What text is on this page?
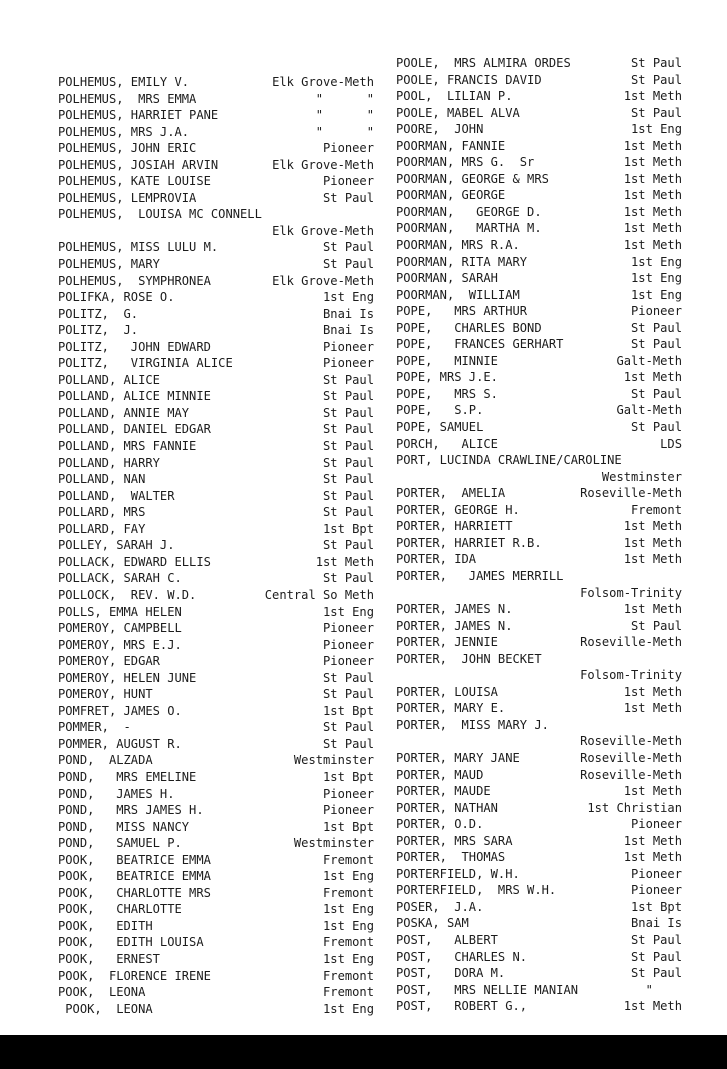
POLHEMUS, EMILY V.	Elk Grove-Meth
POLHEMUS,  MRS EMMA	"      "
POLHEMUS, HARRIET PANE	"      "
POLHEMUS, MRS J.A.	"      "
POLHEMUS, JOHN ERIC	Pioneer
POLHEMUS, JOSIAH ARVIN	Elk Grove-Meth
POLHEMUS, KATE LOUISE	Pioneer
POLHEMUS, LEMPROVIA	St Paul
POLHEMUS,  LOUISA MC CONNELL
Elk Grove-Meth
POLHEMUS, MISS LULU M.	St Paul
POLHEMUS, MARY	St Paul
POLHEMUS,  SYMPHRONEA	Elk Grove-Meth
POLIFKA, ROSE O.	1st Eng
POLITZ,  G.	Bnai Is
POLITZ,  J.	Bnai Is
POLITZ,   JOHN EDWARD	Pioneer
POLITZ,   VIRGINIA ALICE	Pioneer
POLLAND, ALICE	St Paul
POLLAND, ALICE MINNIE	St Paul
POLLAND, ANNIE MAY	St Paul
POLLAND, DANIEL EDGAR	St Paul
POLLAND, MRS FANNIE	St Paul
POLLAND, HARRY	St Paul
POLLAND, NAN	St Paul
POLLAND,  WALTER	St Paul
POLLARD, MRS	St Paul
POLLARD, FAY	1st Bpt
POLLEY, SARAH J.	St Paul
POLLACK, EDWARD ELLIS	1st Meth
POLLACK, SARAH C.	St Paul
POLLOCK,  REV. W.D.	Central So Meth
POLLS, EMMA HELEN	1st Eng
POMEROY, CAMPBELL	Pioneer
POMEROY, MRS E.J.	Pioneer
POMEROY, EDGAR	Pioneer
POMEROY, HELEN JUNE	St Paul
POMEROY, HUNT	St Paul
POMFRET, JAMES O.	1st Bpt
POMMER,  -	St Paul
POMMER, AUGUST R.	St Paul
POND,  ALZADA	Westminster
POND,   MRS EMELINE	1st Bpt
POND,   JAMES H.	Pioneer
POND,   MRS JAMES H.	Pioneer
POND,   MISS NANCY	1st Bpt
POND,   SAMUEL P.	Westminster
POOK,   BEATRICE EMMA	Fremont
POOK,   BEATRICE EMMA	1st Eng
POOK,   CHARLOTTE MRS	Fremont
POOK,   CHARLOTTE	1st Eng
POOK,   EDITH	1st Eng
POOK,   EDITH LOUISA	Fremont
POOK,   ERNEST	1st Eng
POOK,  FLORENCE IRENE	Fremont
POOK,  LEONA	Fremont
POOK,  LEONA	1st Eng
POOLE,  MRS ALMIRA ORDES	St Paul
POOLE, FRANCIS DAVID	St Paul
POOL,  LILIAN P.	1st Meth
POOLE, MABEL ALVA	St Paul
POORE,  JOHN	1st Eng
POORMAN, FANNIE	1st Meth
POORMAN, MRS G.  Sr	1st Meth
POORMAN, GEORGE & MRS	1st Meth
POORMAN, GEORGE	1st Meth
POORMAN,   GEORGE D.	1st Meth
POORMAN,   MARTHA M.	1st Meth
POORMAN, MRS R.A.	1st Meth
POORMAN, RITA MARY	1st Eng
POORMAN, SARAH	1st Eng
POORMAN,  WILLIAM	1st Eng
POPE,   MRS ARTHUR	Pioneer
POPE,   CHARLES BOND	St Paul
POPE,   FRANCES GERHART	St Paul
POPE,   MINNIE	Galt-Meth
POPE, MRS J.E.	1st Meth
POPE,   MRS S.	St Paul
POPE,   S.P.	Galt-Meth
POPE, SAMUEL	St Paul
PORCH,   ALICE	LDS
PORT, LUCINDA CRAWLINE/CAROLINE
Westminster
PORTER,  AMELIA	Roseville-Meth
PORTER, GEORGE H.	Fremont
PORTER, HARRIETT	1st Meth
PORTER, HARRIET R.B.	1st Meth
PORTER, IDA	1st Meth
PORTER,   JAMES MERRILL
Folsom-Trinity
PORTER, JAMES N.	1st Meth
PORTER, JAMES N.	St Paul
PORTER, JENNIE	Roseville-Meth
PORTER,  JOHN BECKET
Folsom-Trinity
PORTER, LOUISA	1st Meth
PORTER, MARY E.	1st Meth
PORTER,  MISS MARY J.
Roseville-Meth
PORTER, MARY JANE	Roseville-Meth
PORTER, MAUD	Roseville-Meth
PORTER, MAUDE	1st Meth
PORTER, NATHAN	1st Christian
PORTER, O.D.	Pioneer
PORTER, MRS SARA	1st Meth
PORTER,  THOMAS	1st Meth
PORTERFIELD, W.H.	Pioneer
PORTERFIELD,  MRS W.H.	Pioneer
POSER,  J.A.	1st Bpt
POSKA, SAM	Bnai Is
POST,   ALBERT	St Paul
POST,   CHARLES N.	St Paul
POST,   DORA M.	St Paul
POST,   MRS NELLIE MANIAN	"
POST,   ROBERT G.,	1st Meth
